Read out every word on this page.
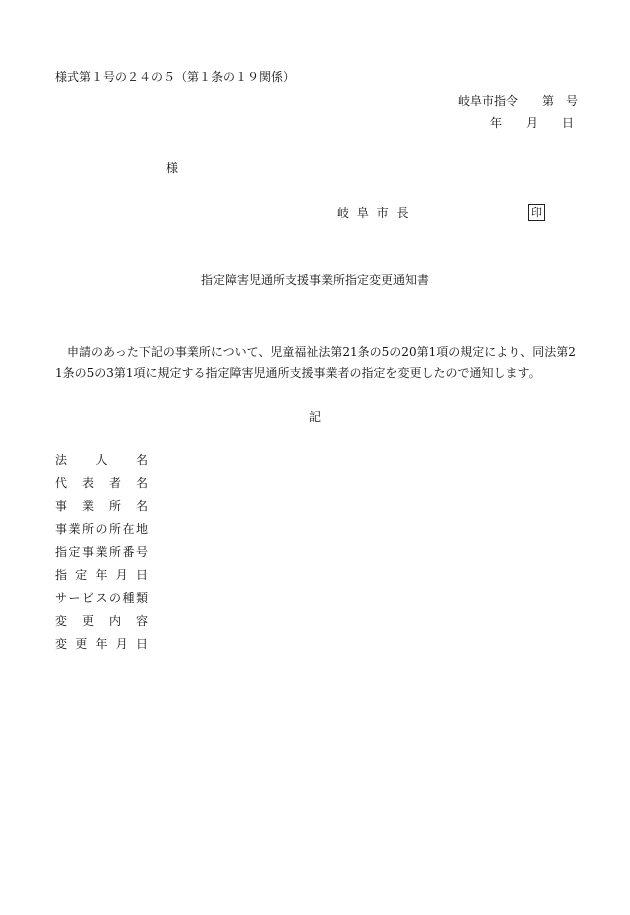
様式第１号の２４の５（第１条の１９関係）
岐阜市指令　　第　号
年　　月　　日
様
岐 阜 市 長	印
指定障害児通所支援事業所指定変更通知書
申請のあった下記の事業所について、児童福祉法第21条の5の20第1項の規定により、同法第21条の5の3第1項に規定する指定障害児通所支援事業者の指定を変更したので通知します。
記
法人名
代表者名
事業所名
事業所の所在地
指定事業所番号
指定年月日
サービスの種類
変更内容
変更年月日
